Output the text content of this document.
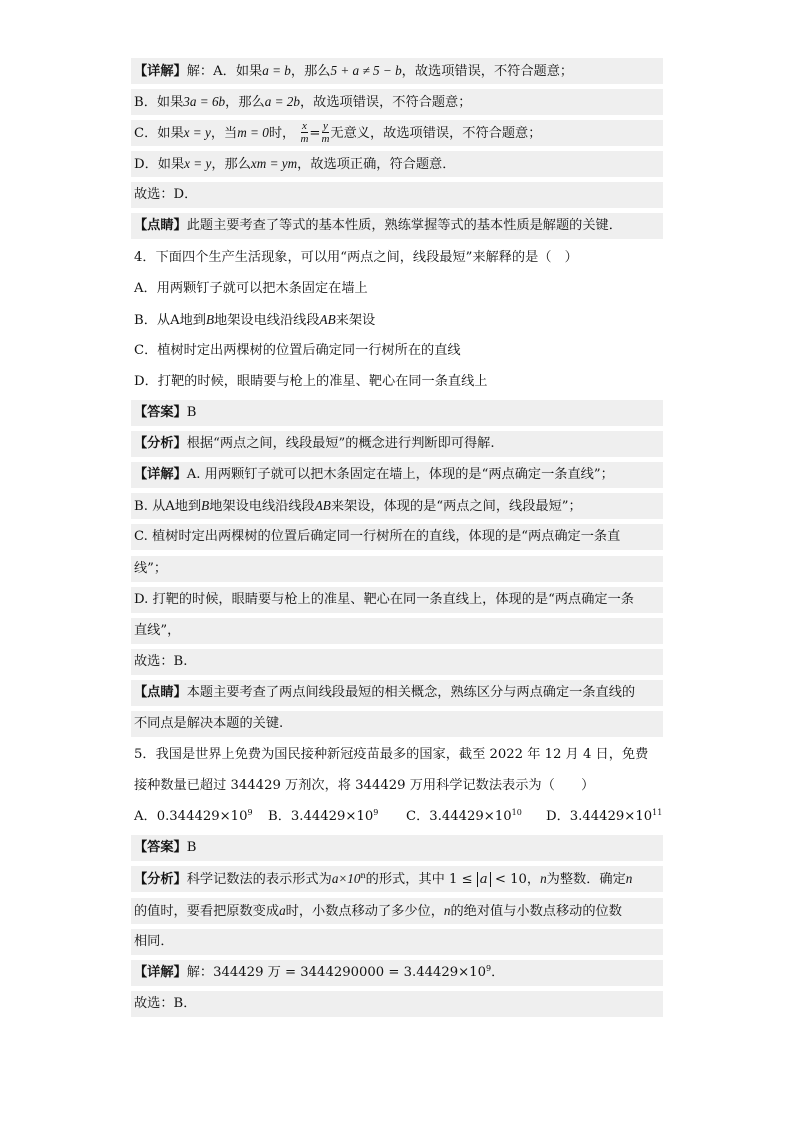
【详解】解：A．如果a = b，那么5 + a ≠ 5 − b，故选项错误，不符合题意；
B．如果3a = 6b，那么a = 2b，故选项错误，不符合题意；
C．如果x = y，当m = 0时， $\frac{x}{m} = \frac{y}{m}$ 无意义，故选项错误，不符合题意；
D．如果x = y，那么xm = ym，故选项正确，符合题意．
故选：D．
【点睛】此题主要考查了等式的基本性质，熟练掌握等式的基本性质是解题的关键．
4．下面四个生产生活现象，可以用“两点之间，线段最短”来解释的是（　）
A．用两颗钉子就可以把木条固定在墙上
B．从A地到B地架设电线沿线段AB来架设
C．植树时定出两棵树的位置后确定同一行树所在的直线
D．打靶的时候，眼睛要与枪上的准星、靶心在同一条直线上
【答案】B
【分析】根据“两点之间，线段最短”的概念进行判断即可得解.
【详解】A. 用两颗钉子就可以把木条固定在墙上，体现的是“两点确定一条直线”；
B. 从A地到B地架设电线沿线段AB来架设，体现的是“两点之间，线段最短”；
C. 植树时定出两棵树的位置后确定同一行树所在的直线，体现的是“两点确定一条直
线”；
D. 打靶的时候，眼睛要与枪上的准星、靶心在同一条直线上，体现的是“两点确定一条
直线”，
故选：B.
【点睛】本题主要考查了两点间线段最短的相关概念，熟练区分与两点确定一条直线的
不同点是解决本题的关键.
5．我国是世界上免费为国民接种新冠疫苗最多的国家，截至 2022 年 12 月 4 日，免费
接种数量已超过 344429 万剂次，将 344429 万用科学记数法表示为（　　）
A．$0.344429\times 10^9$	B．$3.44429\times 10^9$	C．$3.44429\times 10^{10}$	D．$3.44429\times 10^{11}$
【答案】B
【分析】科学记数法的表示形式为$a\times 10^n$的形式，其中 1 ≤ a < 10，n为整数．确定n
的值时，要看把原数变成a时，小数点移动了多少位，n的绝对值与小数点移动的位数
相同．
【详解】解：344429 万 = $3444290000 = 3.44429\times 10^9$．
故选：B．
